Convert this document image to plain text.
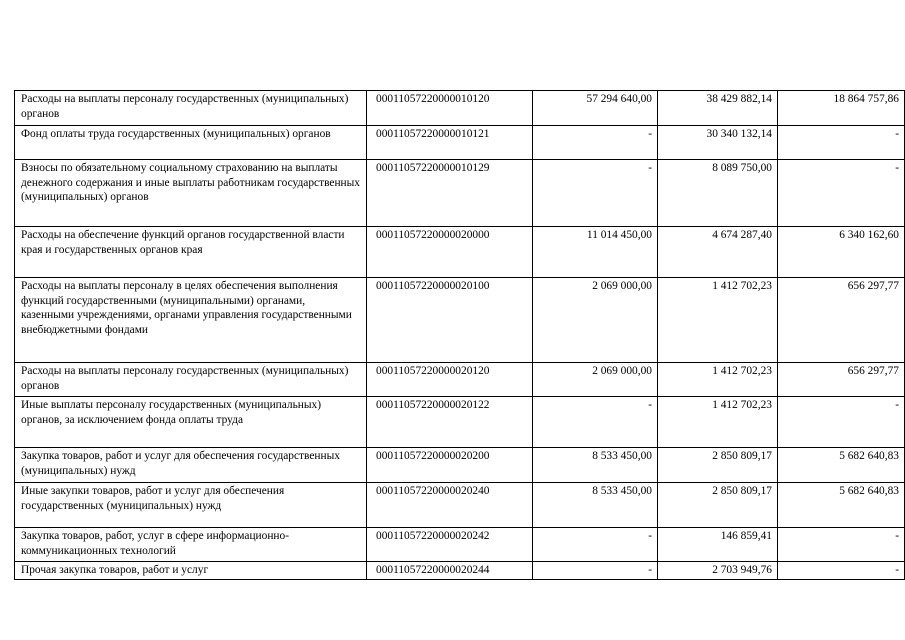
Расходы на выплаты персоналу государственных (муниципальных) органов	00011057220000010120	57 294 640,00	38 429 882,14	18 864 757,86
Фонд оплаты труда государственных (муниципальных) органов	00011057220000010121	-	30 340 132,14	-
Взносы по обязательному социальному страхованию на выплаты денежного содержания и иные выплаты работникам государственных (муниципальных) органов	00011057220000010129	-	8 089 750,00	-
Расходы на обеспечение функций органов государственной власти края и государственных органов края	00011057220000020000	11 014 450,00	4 674 287,40	6 340 162,60
Расходы на выплаты персоналу в целях обеспечения выполнения функций государственными (муниципальными) органами, казенными учреждениями, органами управления государственными внебюджетными фондами	00011057220000020100	2 069 000,00	1 412 702,23	656 297,77
Расходы на выплаты персоналу государственных (муниципальных) органов	00011057220000020120	2 069 000,00	1 412 702,23	656 297,77
Иные выплаты персоналу государственных (муниципальных) органов, за исключением фонда оплаты труда	00011057220000020122	-	1 412 702,23	-
Закупка товаров, работ и услуг для обеспечения государственных (муниципальных) нужд	00011057220000020200	8 533 450,00	2 850 809,17	5 682 640,83
Иные закупки товаров, работ и услуг для обеспечения государственных (муниципальных) нужд	00011057220000020240	8 533 450,00	2 850 809,17	5 682 640,83
Закупка товаров, работ, услуг в сфере информационно-коммуникационных технологий	00011057220000020242	-	146 859,41	-
Прочая закупка товаров, работ и услуг	00011057220000020244	-	2 703 949,76	-
